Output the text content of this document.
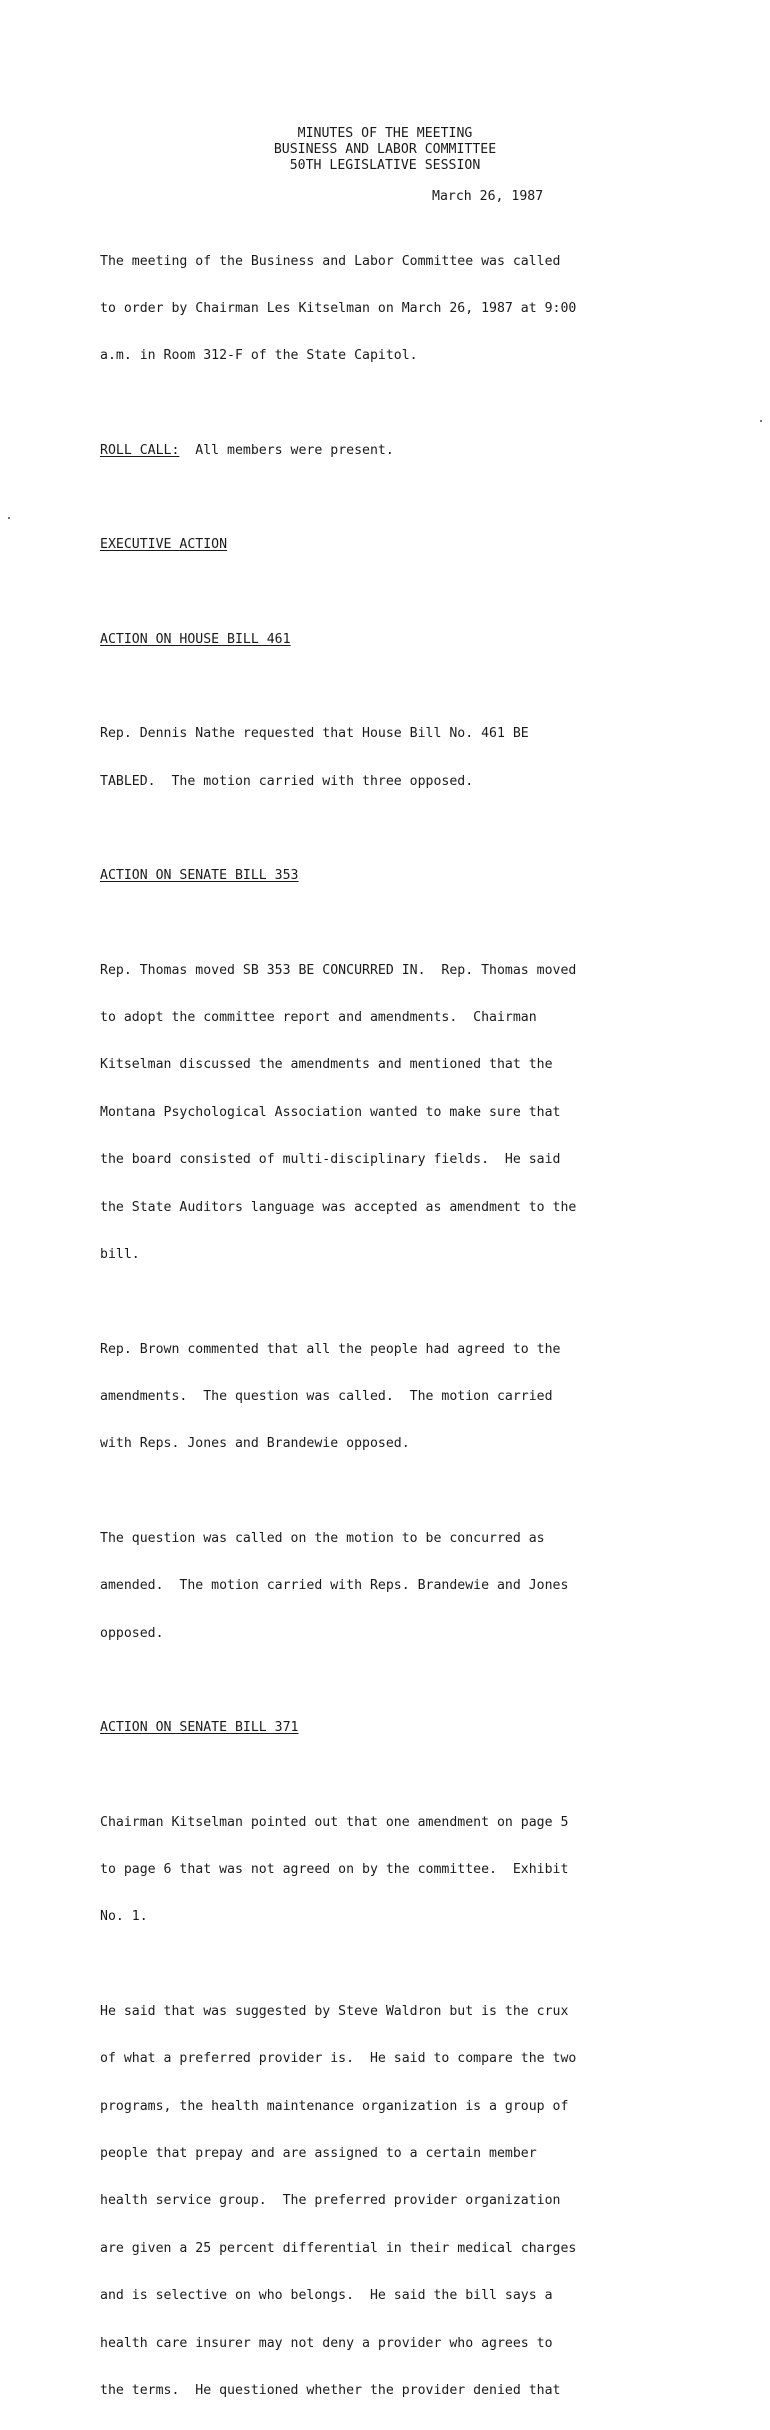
MINUTES OF THE MEETING
BUSINESS AND LABOR COMMITTEE
50TH LEGISLATIVE SESSION
March 26, 1987

The meeting of the Business and Labor Committee was called

to order by Chairman Les Kitselman on March 26, 1987 at 9:00

a.m. in Room 312-F of the State Capitol.

ROLL CALL:  All members were present.

EXECUTIVE ACTION

ACTION ON HOUSE BILL 461

Rep. Dennis Nathe requested that House Bill No. 461 BE

TABLED.  The motion carried with three opposed.

ACTION ON SENATE BILL 353

Rep. Thomas moved SB 353 BE CONCURRED IN.  Rep. Thomas moved

to adopt the committee report and amendments.  Chairman

Kitselman discussed the amendments and mentioned that the

Montana Psychological Association wanted to make sure that

the board consisted of multi-disciplinary fields.  He said

the State Auditors language was accepted as amendment to the

bill.

Rep. Brown commented that all the people had agreed to the

amendments.  The question was called.  The motion carried

with Reps. Jones and Brandewie opposed.

The question was called on the motion to be concurred as

amended.  The motion carried with Reps. Brandewie and Jones

opposed.

ACTION ON SENATE BILL 371

Chairman Kitselman pointed out that one amendment on page 5

to page 6 that was not agreed on by the committee.  Exhibit

No. 1.

He said that was suggested by Steve Waldron but is the crux

of what a preferred provider is.  He said to compare the two

programs, the health maintenance organization is a group of

people that prepay and are assigned to a certain member

health service group.  The preferred provider organization

are given a 25 percent differential in their medical charges

and is selective on who belongs.  He said the bill says a

health care insurer may not deny a provider who agrees to

the terms.  He questioned whether the provider denied that
